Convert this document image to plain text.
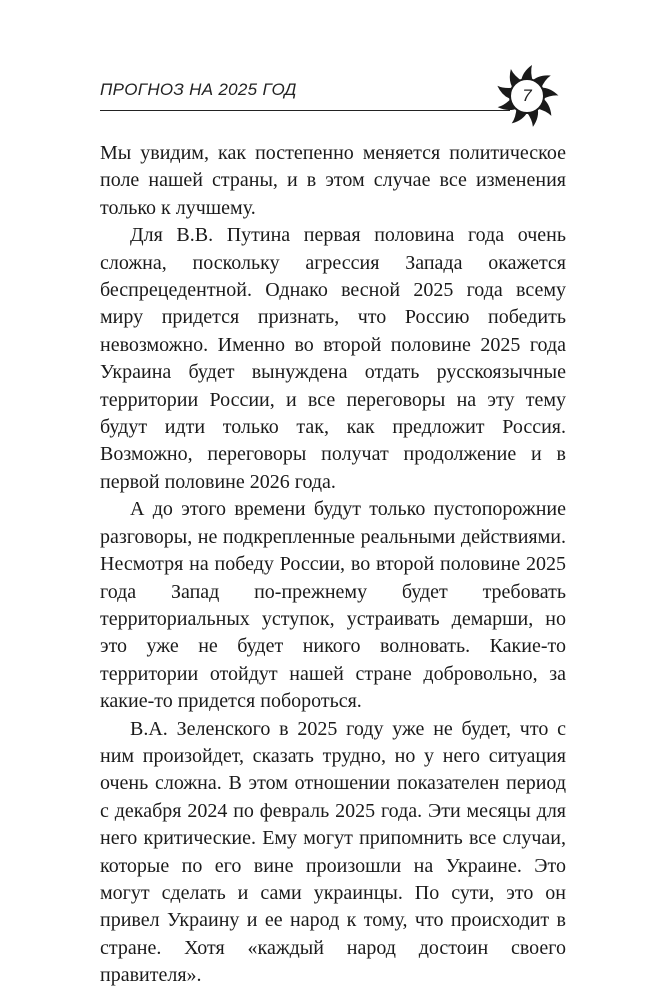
ПРОГНОЗ НА 2025 ГОД	7

Мы увидим, как постепенно меняется политическое поле нашей страны, и в этом случае все изменения только к лучшему.

Для В.В. Путина первая половина года очень сложна, поскольку агрессия Запада окажется беспрецедентной. Однако весной 2025 года всему миру придется признать, что Россию победить невозможно. Именно во второй половине 2025 года Украина будет вынуждена отдать русскоязычные территории России, и все переговоры на эту тему будут идти только так, как предложит Россия. Возможно, переговоры получат продолжение и в первой половине 2026 года.

А до этого времени будут только пустопорожние разговоры, не подкрепленные реальными действиями. Несмотря на победу России, во второй половине 2025 года Запад по-прежнему будет требовать территориальных уступок, устраивать демарши, но это уже не будет никого волновать. Какие-то территории отойдут нашей стране добровольно, за какие-то придется побороться.

В.А. Зеленского в 2025 году уже не будет, что с ним произойдет, сказать трудно, но у него ситуация очень сложна. В этом отношении показателен период с декабря 2024 по февраль 2025 года. Эти месяцы для него критические. Ему могут припомнить все случаи, которые по его вине произошли на Украине. Это могут сделать и сами украинцы. По сути, это он привел Украину и ее народ к тому, что происходит в стране. Хотя «каждый народ достоин своего правителя».
